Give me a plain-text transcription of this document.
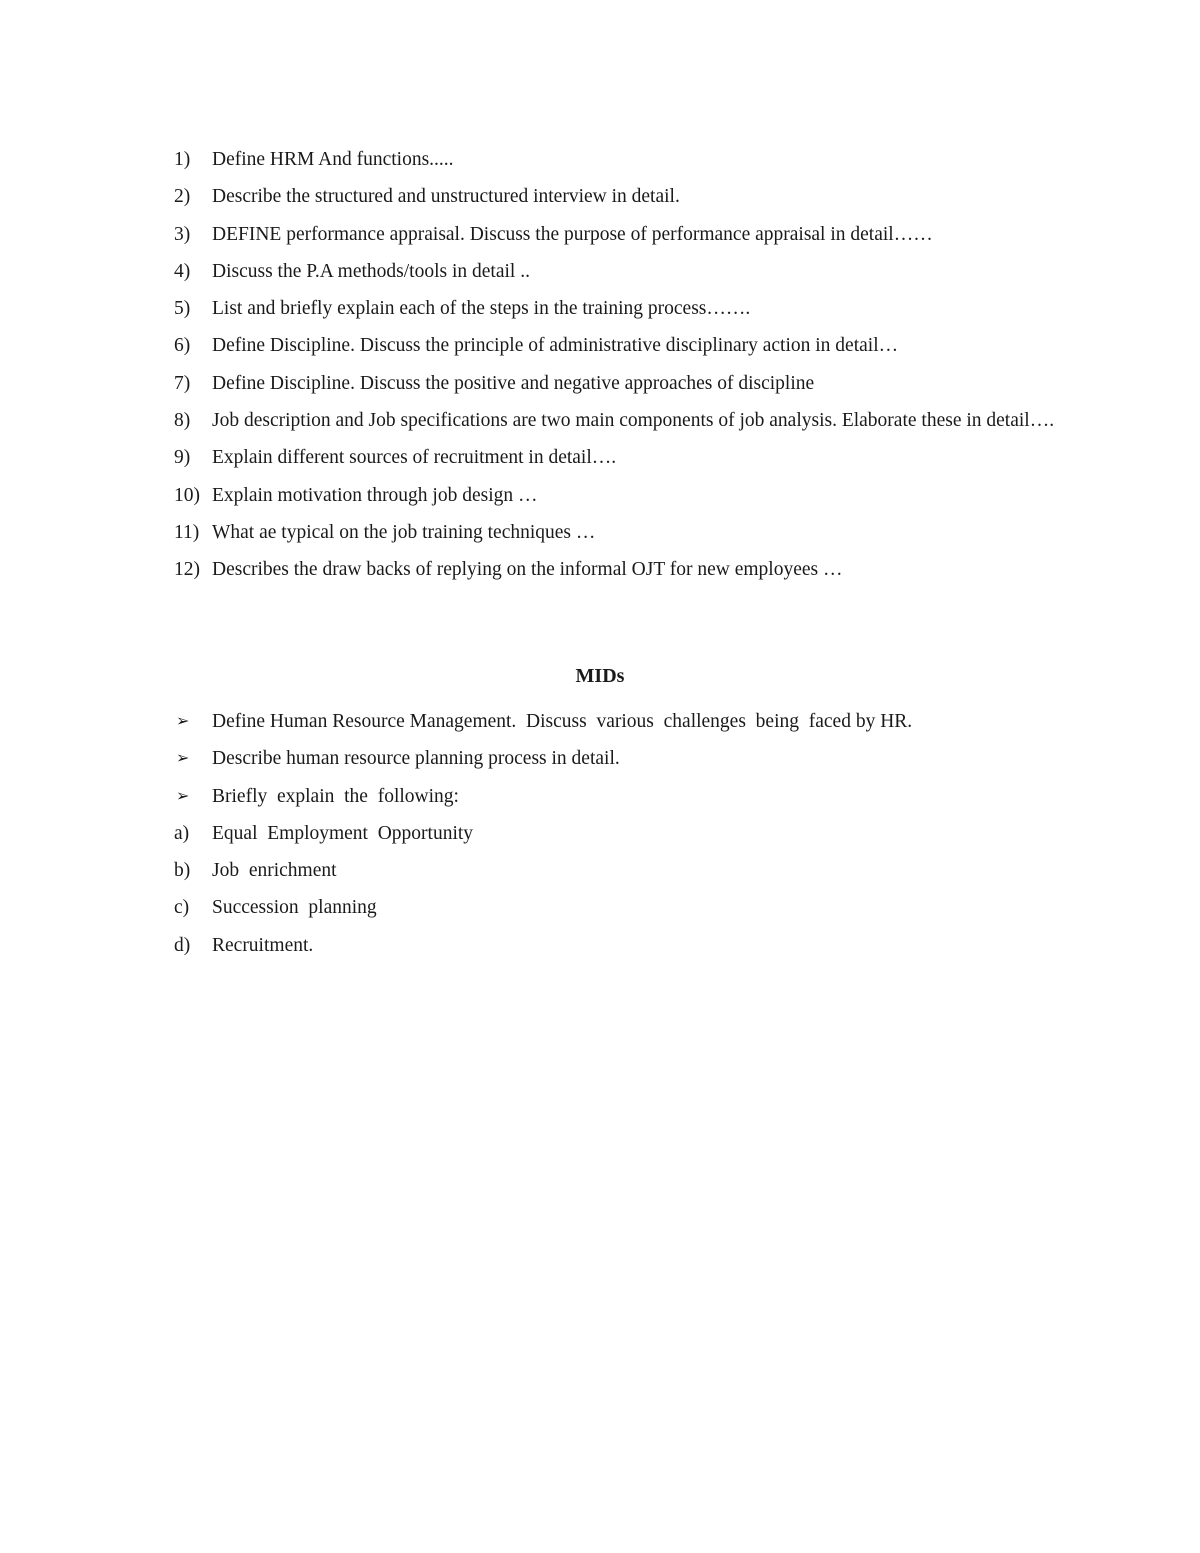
1) Define HRM And functions.....
2) Describe the structured and unstructured interview in detail.
3) DEFINE performance appraisal. Discuss the purpose of performance appraisal in detail……
4) Discuss the P.A methods/tools in detail ..
5) List and briefly explain each of the steps in the training process…….
6) Define Discipline. Discuss the principle of administrative disciplinary action in detail…
7) Define Discipline. Discuss the positive and negative approaches of discipline
8) Job description and Job specifications are two main components of job analysis. Elaborate these in detail….
9) Explain different sources of recruitment in detail….
10) Explain motivation through job design …
11) What ae typical on the job training techniques …
12) Describes the draw backs of replying on the informal OJT for new employees …
MIDs
➢ Define Human Resource Management.  Discuss  various  challenges  being  faced by HR.
➢ Describe human resource planning process in detail.
➢ Briefly  explain  the  following:
a) Equal  Employment  Opportunity
b) Job  enrichment
c) Succession  planning
d) Recruitment.
